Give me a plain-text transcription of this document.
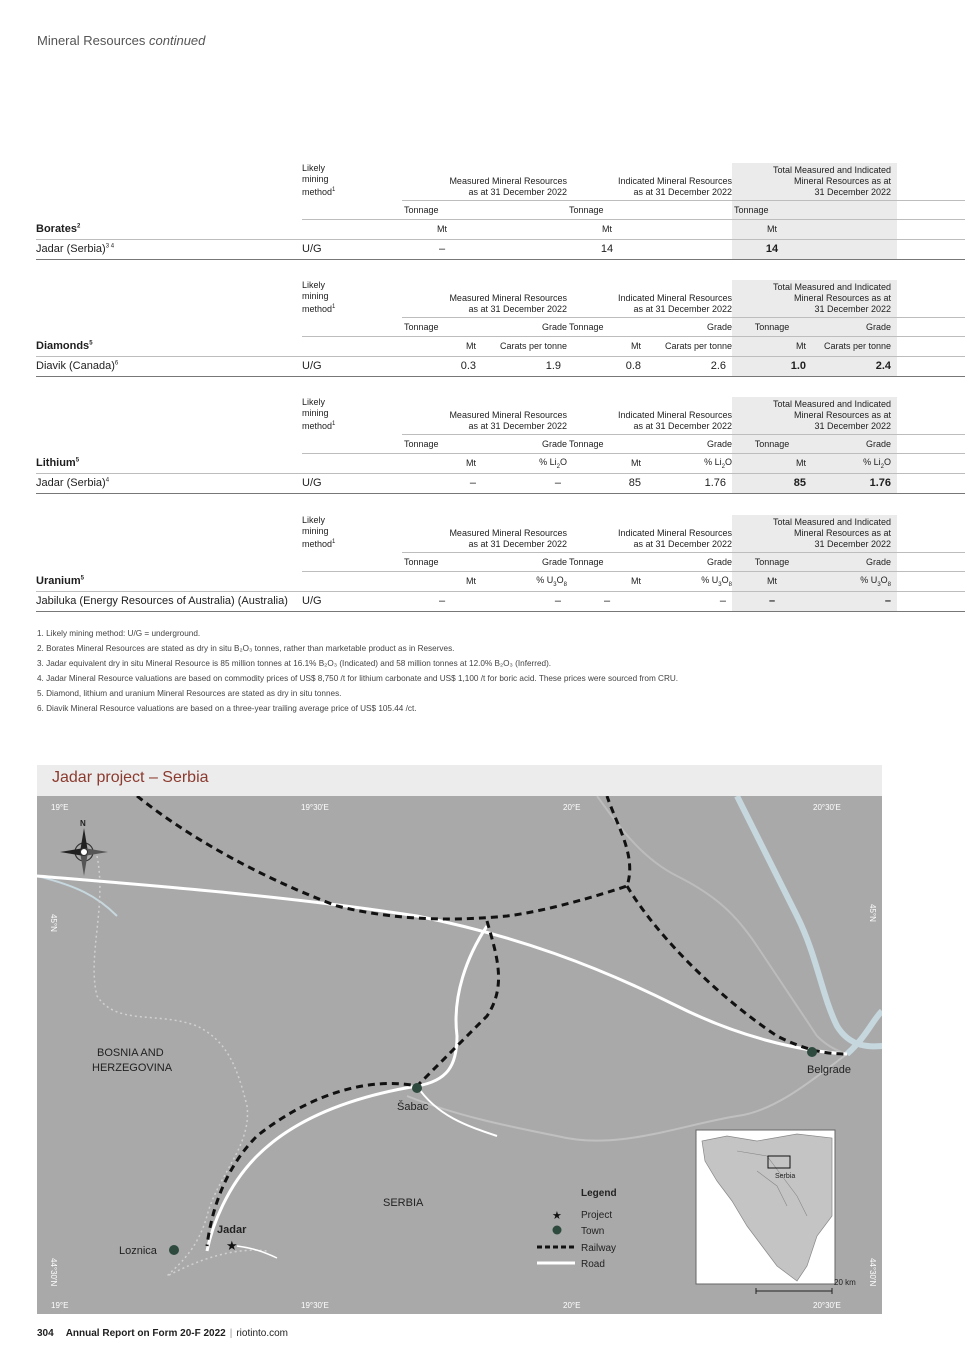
Mineral Resources continued
	Likely
mining
method$^1$	Measured Mineral Resources
as at 31 December 2022		Indicated Mineral Resources
as at 31 December 2022		Total Measured and Indicated
Mineral Resources as at
31 December 2022		
		Tonnage		Tonnage		Tonnage		
Borates$^2$		Mt		Mt		Mt		
Jadar (Serbia)$^{3 4}$	U/G	–		14		14		
	Likely
mining
method$^1$	Measured Mineral Resources
as at 31 December 2022		Indicated Mineral Resources
as at 31 December 2022		Total Measured and Indicated
Mineral Resources as at
31 December 2022		
		Tonnage	Grade	Tonnage	Grade	Tonnage	Grade	
Diamonds$^5$		Mt	Carats per tonne	Mt	Carats per tonne	Mt	Carats per tonne	
Diavik (Canada)$^6$	U/G	0.3	1.9	0.8	2.6	1.0	2.4	
	Likely
mining
method$^1$	Measured Mineral Resources
as at 31 December 2022		Indicated Mineral Resources
as at 31 December 2022		Total Measured and Indicated
Mineral Resources as at
31 December 2022		
		Tonnage	Grade	Tonnage	Grade	Tonnage	Grade	
Lithium$^5$		Mt	% $Li_2O$	Mt	% $Li_2O$	Mt	% $Li_2O$	
Jadar (Serbia)$^4$	U/G	–	–	85	1.76	85	1.76	
	Likely
mining
method$^1$	Measured Mineral Resources
as at 31 December 2022		Indicated Mineral Resources
as at 31 December 2022		Total Measured and Indicated
Mineral Resources as at
31 December 2022		
		Tonnage	Grade	Tonnage	Grade	Tonnage	Grade	
Uranium$^5$		Mt	% $U_3O_8$	Mt	% $U_3O_8$	Mt	% $U_3O_8$	
Jabiluka (Energy Resources of Australia) (Australia)	U/G	–	–	–	–	–	–	
1. Likely mining method: U/G = underground.
2. Borates Mineral Resources are stated as dry in situ B₂O₃ tonnes, rather than marketable product as in Reserves.
3. Jadar equivalent dry in situ Mineral Resource is 85 million tonnes at 16.1% B₂O₃ (Indicated) and 58 million tonnes at 12.0% B₂O₃ (Inferred).
4. Jadar Mineral Resource valuations are based on commodity prices of US$ 8,750 /t for lithium carbonate and US$ 1,100 /t for boric acid. These prices were sourced from CRU.
5. Diamond, lithium and uranium Mineral Resources are stated as dry in situ tonnes.
6. Diavik Mineral Resource valuations are based on a three-year trailing average price of US$ 105.44 /ct.
Jadar project – Serbia
19°E	19°30'E	20°E	20°30'E
19°E	19°30'E	20°E	20°30'E
45°N
44°30'N
45°N
44°30'N
N
BOSNIA AND
HERZEGOVINA
SERBIA
Šabac
Belgrade
Loznica
Jadar
★
Legend
★ Project
Town
Railway
Road
Serbia
20 km
304 Annual Report on Form 20-F 2022 | riotinto.com
